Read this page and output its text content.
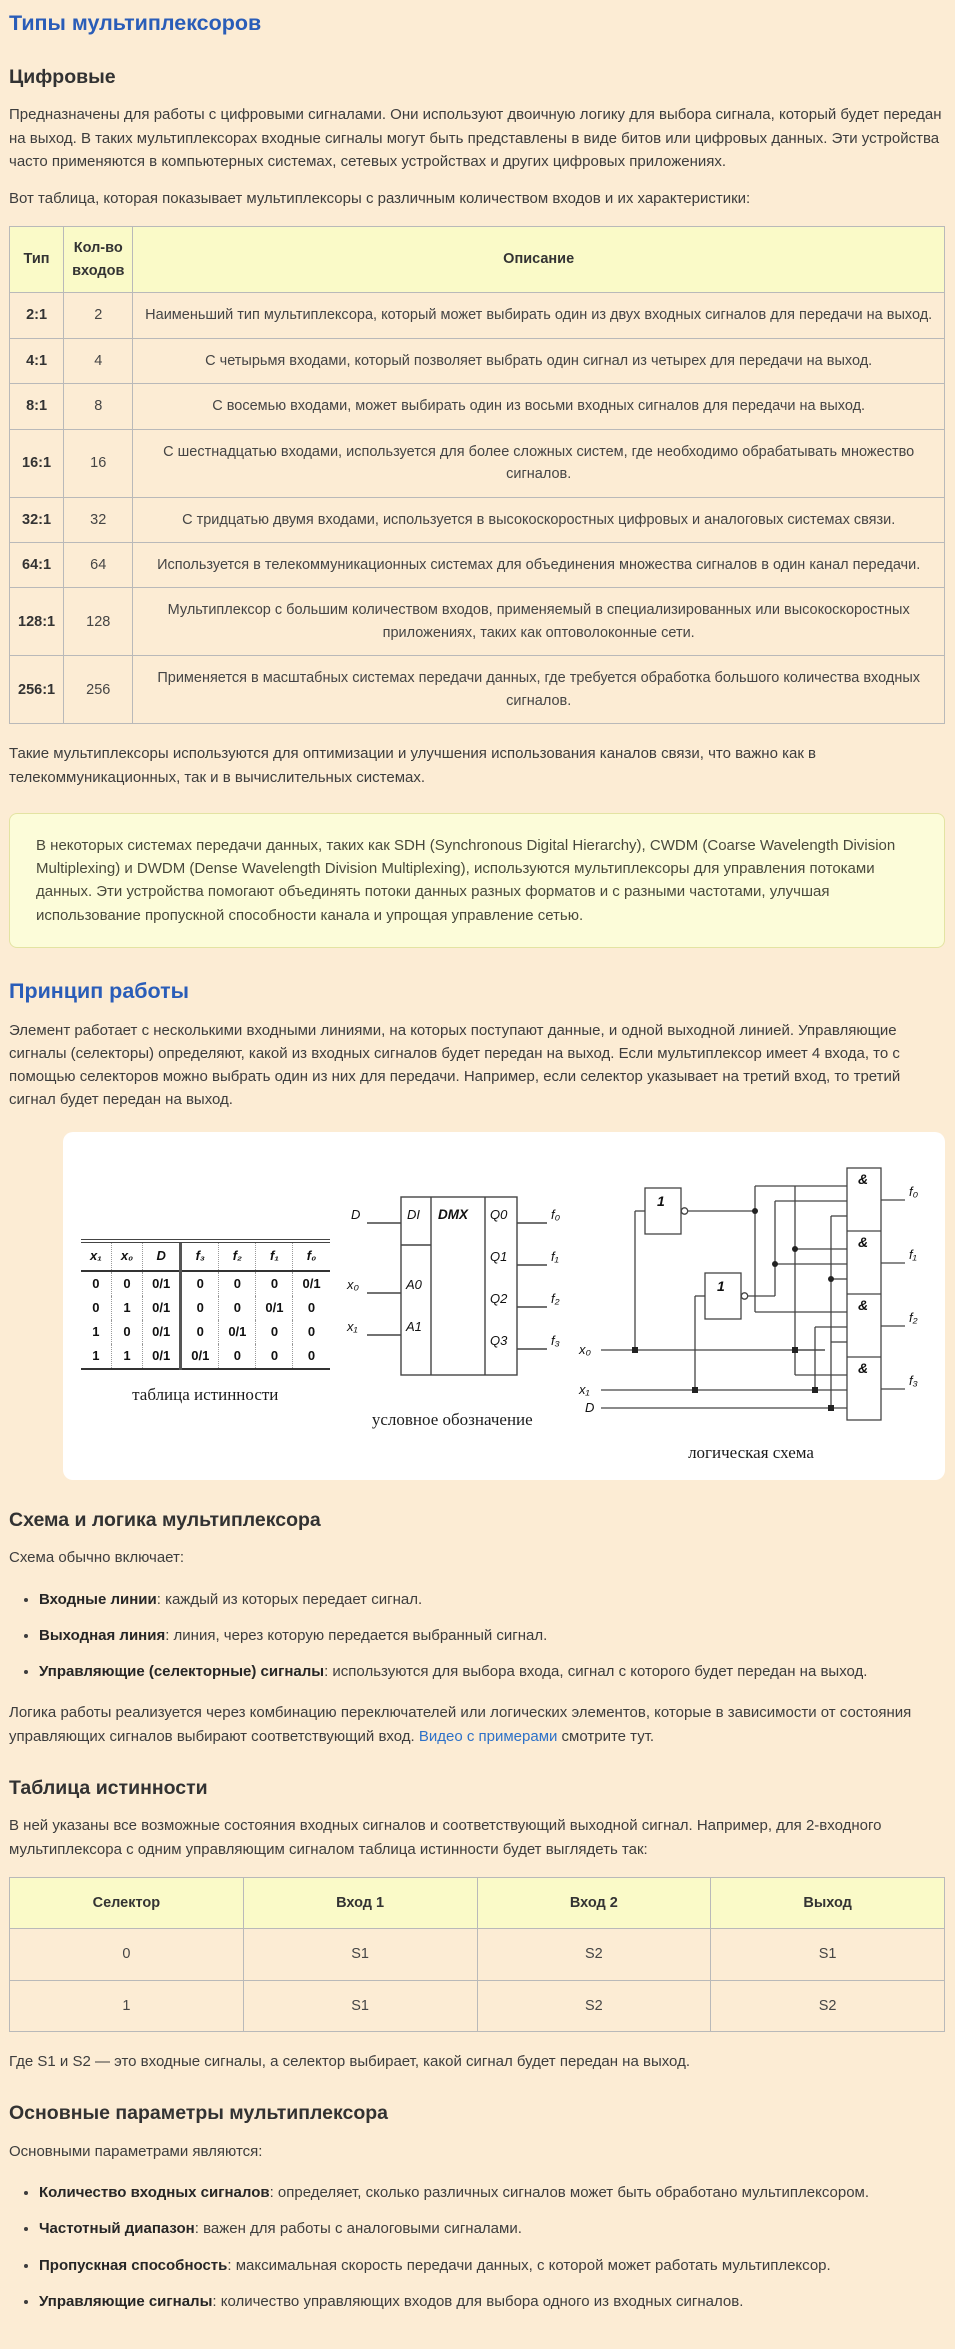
Типы мультиплексоров
Цифровые

Предназначены для работы с цифровыми сигналами. Они используют двоичную логику для выбора сигнала, который будет передан на выход. В таких мультиплексорах входные сигналы могут быть представлены в виде битов или цифровых данных. Эти устройства часто применяются в компьютерных системах, сетевых устройствах и других цифровых приложениях.

Вот таблица, которая показывает мультиплексоры с различным количеством входов и их характеристики:

Тип	Кол-во входов	Описание
2:1	2	Наименьший тип мультиплексора, который может выбирать один из двух входных сигналов для передачи на выход.
4:1	4	С четырьмя входами, который позволяет выбрать один сигнал из четырех для передачи на выход.
8:1	8	С восемью входами, может выбирать один из восьми входных сигналов для передачи на выход.
16:1	16	С шестнадцатью входами, используется для более сложных систем, где необходимо обрабатывать множество сигналов.
32:1	32	С тридцатью двумя входами, используется в высокоскоростных цифровых и аналоговых системах связи.
64:1	64	Используется в телекоммуникационных системах для объединения множества сигналов в один канал передачи.
128:1	128	Мультиплексор с большим количеством входов, применяемый в специализированных или высокоскоростных приложениях, таких как оптоволоконные сети.
256:1	256	Применяется в масштабных системах передачи данных, где требуется обработка большого количества входных сигналов.

Такие мультиплексоры используются для оптимизации и улучшения использования каналов связи, что важно как в телекоммуникационных, так и в вычислительных системах.

В некоторых системах передачи данных, таких как SDH (Synchronous Digital Hierarchy), CWDM (Coarse Wavelength Division Multiplexing) и DWDM (Dense Wavelength Division Multiplexing), используются мультиплексоры для управления потоками данных. Эти устройства помогают объединять потоки данных разных форматов и с разными частотами, улучшая использование пропускной способности канала и упрощая управление сетью.
Принцип работы

Элемент работает с несколькими входными линиями, на которых поступают данные, и одной выходной линией. Управляющие сигналы (селекторы) определяют, какой из входных сигналов будет передан на выход. Если мультиплексор имеет 4 входа, то с помощью селекторов можно выбрать один из них для передачи. Например, если селектор указывает на третий вход, то третий сигнал будет передан на выход.

x₁	x₀	D	f₃	f₂	f₁	f₀
0	0	0/1	0	0	0	0/1
0	1	0/1	0	0	0/1	0
1	0	0/1	0	0/1	0	0
1	1	0/1	0/1	0	0	0
таблица истинности
D
x₀
x₁
DI
A0
A1
DMX Q0
Q1
Q2
Q3
f₀
f₁
f₂
f₃
условное обозначение
&
&
&
&
1
1
x₀
x₁
D
f₀
f₁
f₂
f₃
логическая схема
Схема и логика мультиплексора

Схема обычно включает:

• Входные линии: каждый из которых передает сигнал.
• Выходная линия: линия, через которую передается выбранный сигнал.
• Управляющие (селекторные) сигналы: используются для выбора входа, сигнал с которого будет передан на выход.

Логика работы реализуется через комбинацию переключателей или логических элементов, которые в зависимости от состояния управляющих сигналов выбирают соответствующий вход. Видео с примерами смотрите тут.

Таблица истинности

В ней указаны все возможные состояния входных сигналов и соответствующий выходной сигнал. Например, для 2-входного мультиплексора с одним управляющим сигналом таблица истинности будет выглядеть так:

Селектор	Вход 1	Вход 2	Выход
0	S1	S2	S1
1	S1	S2	S2

Где S1 и S2 — это входные сигналы, а селектор выбирает, какой сигнал будет передан на выход.

Основные параметры мультиплексора

Основными параметрами являются:

• Количество входных сигналов: определяет, сколько различных сигналов может быть обработано мультиплексором.
• Частотный диапазон: важен для работы с аналоговыми сигналами.
• Пропускная способность: максимальная скорость передачи данных, с которой может работать мультиплексор.
• Управляющие сигналы: количество управляющих входов для выбора одного из входных сигналов.
